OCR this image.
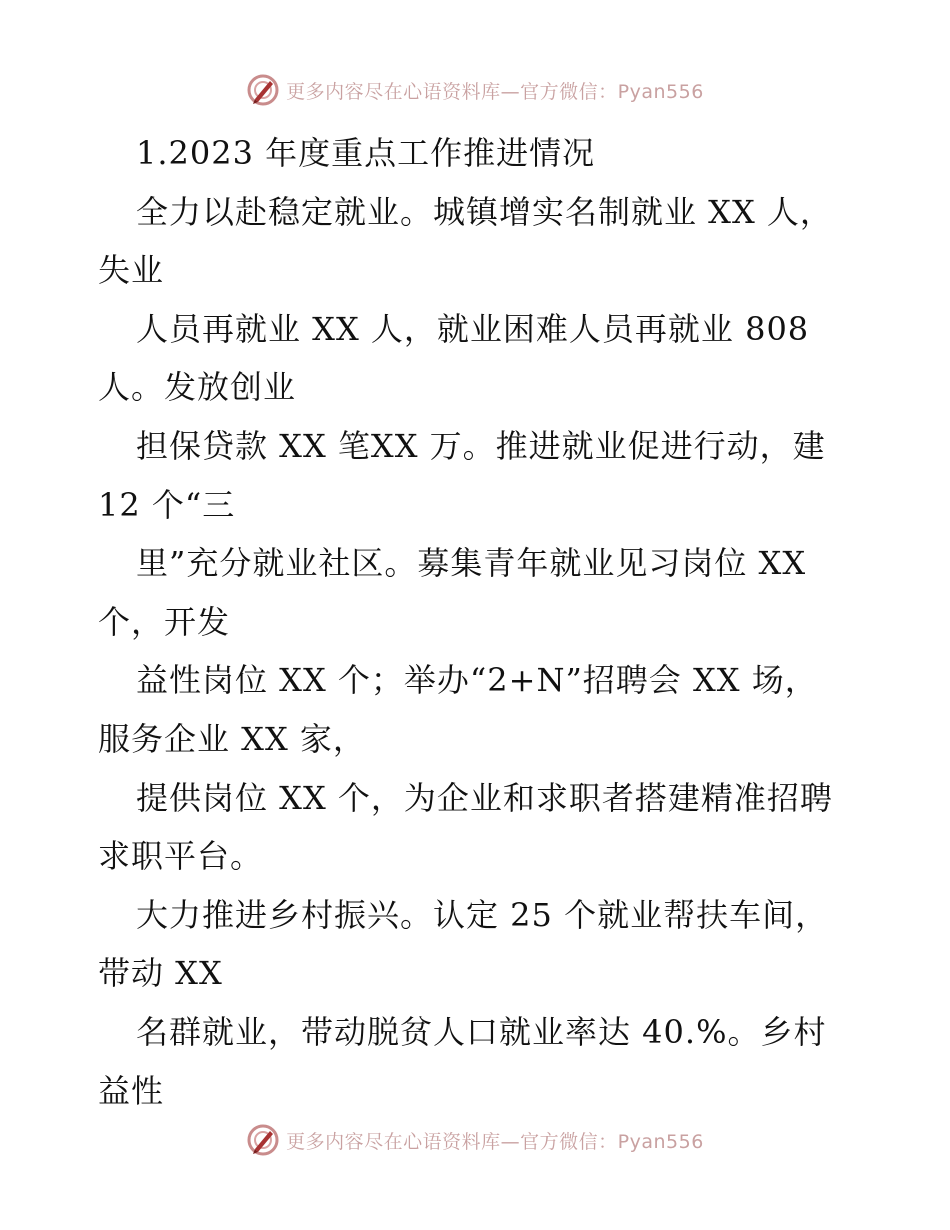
更多内容尽在心语资料库—官方微信：Pyan556
1.2023 年度重点工作推进情况
全力以赴稳定就业。城镇增实名制就业 XX 人，
失业
人员再就业 XX 人，就业困难人员再就业 808
人。发放创业
担保贷款 XX 笔XX 万。推进就业促进行动，建
12 个“三
里”充分就业社区。募集青年就业见习岗位 XX
个，开发
益性岗位 XX 个；举办“2+N”招聘会 XX 场，
服务企业 XX 家，
提供岗位 XX 个，为企业和求职者搭建精准招聘
求职平台。
大力推进乡村振兴。认定 25 个就业帮扶车间，
带动 XX
名群就业，带动脱贫人口就业率达 40.%。乡村
益性
更多内容尽在心语资料库—官方微信：Pyan556
